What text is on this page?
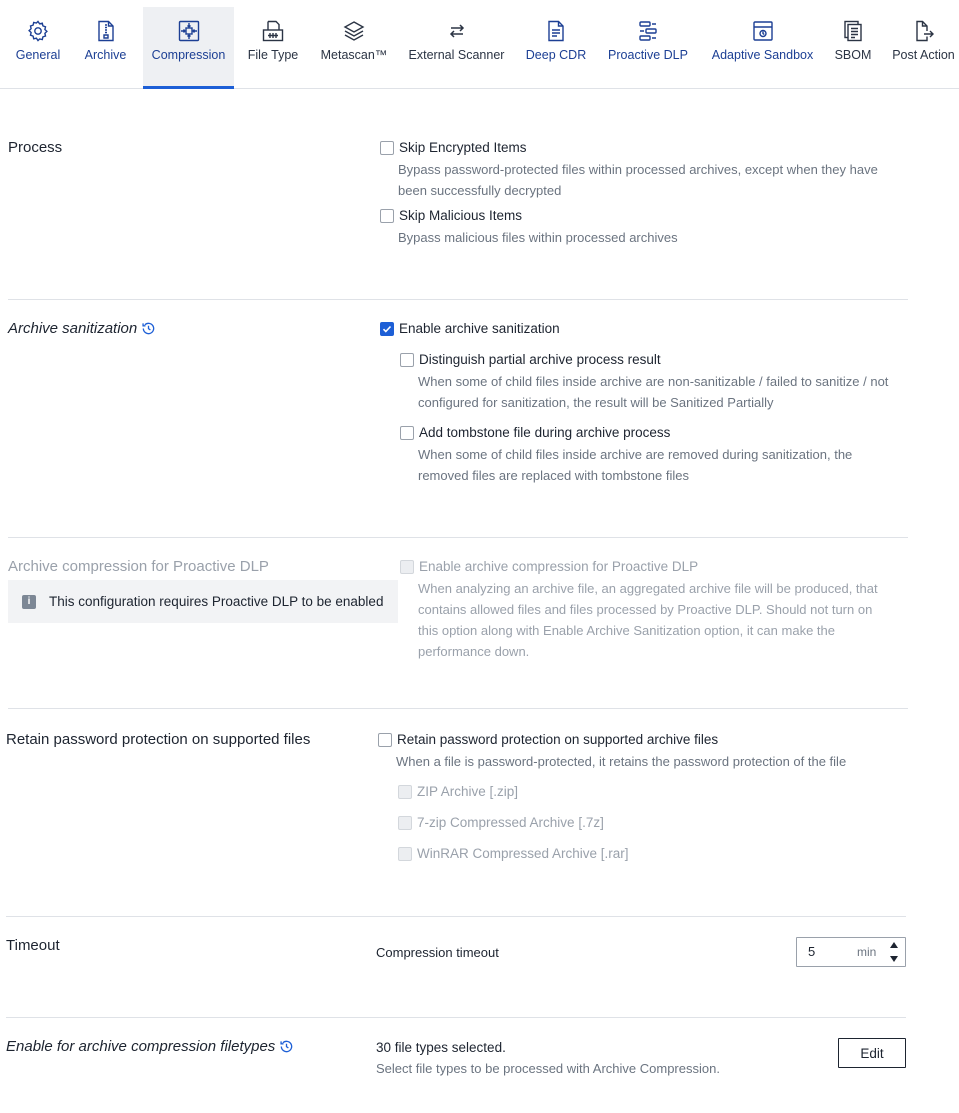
General Archive Compression File Type Metascan™ External Scanner Deep CDR Proactive DLP Adaptive Sandbox SBOM Post Action
Process	Skip Encrypted Items
Bypass password-protected files within processed archives, except when they have
been successfully decrypted
Skip Malicious Items
Bypass malicious files within processed archives
Archive sanitization	Enable archive sanitization
Distinguish partial archive process result
When some of child files inside archive are non-sanitizable / failed to sanitize / not
configured for sanitization, the result will be Sanitized Partially
Add tombstone file during archive process
When some of child files inside archive are removed during sanitization, the
removed files are replaced with tombstone files
Archive compression for Proactive DLP
i	This configuration requires Proactive DLP to be enabled
Enable archive compression for Proactive DLP
When analyzing an archive file, an aggregated archive file will be produced, that
contains allowed files and files processed by Proactive DLP. Should not turn on
this option along with Enable Archive Sanitization option, it can make the
performance down.
Retain password protection on supported files	Retain password protection on supported archive files
When a file is password-protected, it retains the password protection of the file
ZIP Archive [.zip]
7-zip Compressed Archive [.7z]
WinRAR Compressed Archive [.rar]
Timeout	Compression timeout	5	min
Enable for archive compression filetypes	30 file types selected.
Select file types to be processed with Archive Compression.
Edit
